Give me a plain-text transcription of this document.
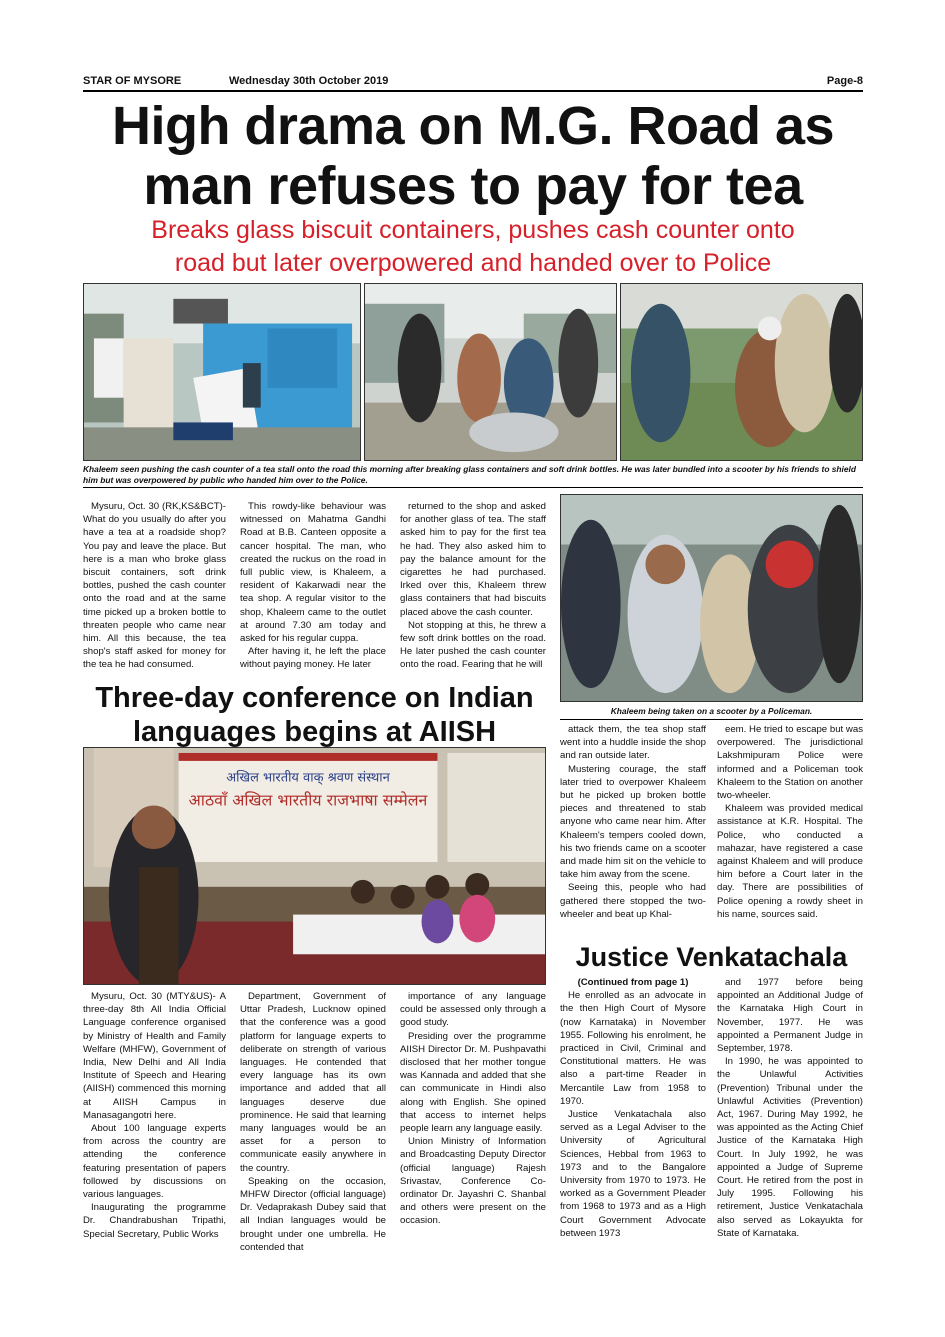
STAR OF MYSORE	Wednesday 30th October 2019	Page-8
High drama on M.G. Road as
man refuses to pay for tea
Breaks glass biscuit containers, pushes cash counter onto
road but later overpowered and handed over to Police
Khaleem seen pushing the cash counter of a tea stall onto the road this morning after breaking glass containers and soft drink bottles. He was later bundled into a scooter by his friends to shield him but was overpowered by public who handed him over to the Police.

Mysuru, Oct. 30 (RK,KS&BCT)- What do you usually do after you have a tea at a roadside shop? You pay and leave the place. But here is a man who broke glass biscuit containers, soft drink bottles, pushed the cash counter onto the road and at the same time picked up a broken bottle to threaten people who came near him. All this because, the tea shop's staff asked for money for the tea he had consumed.

This rowdy-like behaviour was witnessed on Mahatma Gandhi Road at B.B. Canteen opposite a cancer hospital. The man, who created the ruckus on the road in full public view, is Khaleem, a resident of Kakarwadi near the tea shop. A regular visitor to the shop, Khaleem came to the outlet at around 7.30 am today and asked for his regular cuppa.

After having it, he left the place without paying money. He later

returned to the shop and asked for another glass of tea. The staff asked him to pay for the first tea he had. They also asked him to pay the balance amount for the cigarettes he had purchased. Irked over this, Khaleem threw glass containers that had biscuits placed above the cash counter.

Not stopping at this, he threw a few soft drink bottles on the road. He later pushed the cash counter onto the road. Fearing that he will

Khaleem being taken on a scooter by a Policeman.

attack them, the tea shop staff went into a huddle inside the shop and ran outside later.

Mustering courage, the staff later tried to overpower Khaleem but he picked up broken bottle pieces and threatened to stab anyone who came near him. After Khaleem's tempers cooled down, his two friends came on a scooter and made him sit on the vehicle to take him away from the scene.

Seeing this, people who had gathered there stopped the two-wheeler and beat up Khal-

eem. He tried to escape but was overpowered. The jurisdictional Lakshmipuram Police were informed and a Policeman took Khaleem to the Station on another two-wheeler.

Khaleem was provided medical assistance at K.R. Hospital. The Police, who conducted a mahazar, have registered a case against Khaleem and will produce him before a Court later in the day. There are possibilities of Police opening a rowdy sheet in his name, sources said.

Three-day conference on Indian
languages begins at AIISH
अखिल भारतीय वाक् श्रवण संस्थान
आठवाँ अखिल भारतीय राजभाषा सम्मेलन

Mysuru, Oct. 30 (MTY&US)- A three-day 8th All India Official Language conference organised by Ministry of Health and Family Welfare (MHFW), Government of India, New Delhi and All India Institute of Speech and Hearing (AIISH) commenced this morning at AIISH Campus in Manasagangotri here.

About 100 language experts from across the country are attending the conference featuring presentation of papers followed by discussions on various languages.

Inaugurating the programme Dr. Chandrabushan Tripathi, Special Secretary, Public Works

Department, Government of Uttar Pradesh, Lucknow opined that the conference was a good platform for language experts to deliberate on strength of various languages. He contended that every language has its own importance and added that all languages deserve due prominence. He said that learning many languages would be an asset for a person to communicate easily anywhere in the country.

Speaking on the occasion, MHFW Director (official language) Dr. Vedaprakash Dubey said that all Indian languages would be brought under one umbrella. He contended that

importance of any language could be assessed only through a good study.

Presiding over the programme AIISH Director Dr. M. Pushpavathi disclosed that her mother tongue was Kannada and added that she can communicate in Hindi also along with English. She opined that access to internet helps people learn any language easily.

Union Ministry of Information and Broadcasting Deputy Director (official language) Rajesh Srivastav, Conference Co-ordinator Dr. Jayashri C. Shanbal and others were present on the occasion.

Justice Venkatachala

(Continued from page 1)

He enrolled as an advocate in the then High Court of Mysore (now Karnataka) in November 1955. Following his enrolment, he practiced in Civil, Criminal and Constitutional matters. He was also a part-time Reader in Mercantile Law from 1958 to 1970.

Justice Venkatachala also served as a Legal Adviser to the University of Agricultural Sciences, Hebbal from 1963 to 1973 and to the Bangalore University from 1970 to 1973. He worked as a Government Pleader from 1968 to 1973 and as a High Court Government Advocate between 1973

and 1977 before being appointed an Additional Judge of the Karnataka High Court in November, 1977. He was appointed a Permanent Judge in September, 1978.

In 1990, he was appointed to the Unlawful Activities (Prevention) Tribunal under the Unlawful Activities (Prevention) Act, 1967. During May 1992, he was appointed as the Acting Chief Justice of the Karnataka High Court. In July 1992, he was appointed a Judge of Supreme Court. He retired from the post in July 1995. Following his retirement, Justice Venkatachala also served as Lokayukta for State of Karnataka.
